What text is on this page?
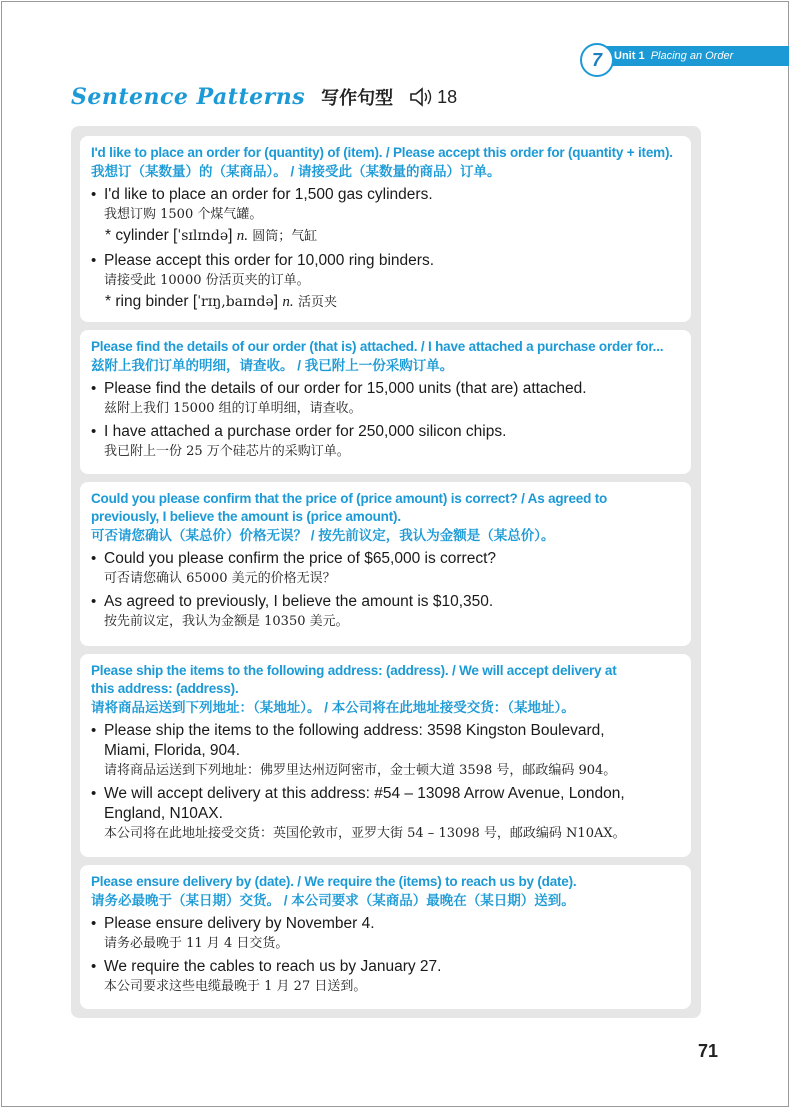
7	Unit 1 Placing an Order
Sentence Patterns 写作句型 18
I'd like to place an order for (quantity) of (item). / Please accept this order for (quantity + item).
我想订（某数量）的（某商品）。 / 请接受此（某数量的商品）订单。
• I'd like to place an order for 1,500 gas cylinders.
我想订购 1500 个煤气罐。
* cylinder [ˈsɪlɪndə] n. 圆筒；气缸
• Please accept this order for 10,000 ring binders.
请接受此 10000 份活页夹的订单。
* ring binder [ˈrɪŋ,baɪndə] n. 活页夹
Please find the details of our order (that is) attached. / I have attached a purchase order for...
兹附上我们订单的明细，请查收。 / 我已附上一份采购订单。
• Please find the details of our order for 15,000 units (that are) attached.
兹附上我们 15000 组的订单明细，请查收。
• I have attached a purchase order for 250,000 silicon chips.
我已附上一份 25 万个硅芯片的采购订单。
Could you please confirm that the price of (price amount) is correct? / As agreed to
previously, I believe the amount is (price amount).
可否请您确认（某总价）价格无误？ / 按先前议定，我认为金额是（某总价）。
• Could you please confirm the price of $65,000 is correct?
可否请您确认 65000 美元的价格无误？
• As agreed to previously, I believe the amount is $10,350.
按先前议定，我认为金额是 10350 美元。
Please ship the items to the following address: (address). / We will accept delivery at
this address: (address).
请将商品运送到下列地址：（某地址）。 / 本公司将在此地址接受交货：（某地址）。
• Please ship the items to the following address: 3598 Kingston Boulevard,
Miami, Florida, 904.
请将商品运送到下列地址：佛罗里达州迈阿密市，金士顿大道 3598 号，邮政编码 904。
• We will accept delivery at this address: #54 – 13098 Arrow Avenue, London,
England, N10AX.
本公司将在此地址接受交货：英国伦敦市，亚罗大街 54 – 13098 号，邮政编码 N10AX。
Please ensure delivery by (date). / We require the (items) to reach us by (date).
请务必最晚于（某日期）交货。 / 本公司要求（某商品）最晚在（某日期）送到。
• Please ensure delivery by November 4.
请务必最晚于 11 月 4 日交货。
• We require the cables to reach us by January 27.
本公司要求这些电缆最晚于 1 月 27 日送到。
71
